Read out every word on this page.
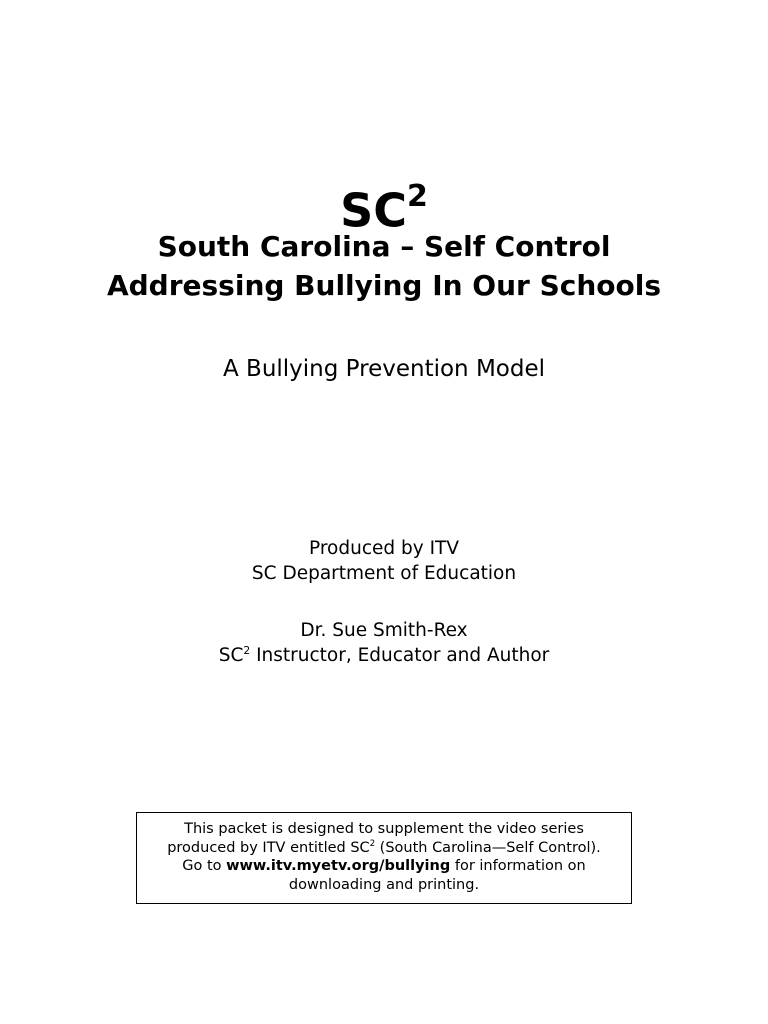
$SC^2$
South Carolina – Self Control
Addressing Bullying In Our Schools
A Bullying Prevention Model
Produced by ITV
SC Department of Education
Dr. Sue Smith-Rex
$SC^2$ Instructor, Educator and Author
This packet is designed to supplement the video series
produced by ITV entitled $SC^2$ (South Carolina—Self Control).
Go to www.itv.myetv.org/bullying for information on
downloading and printing.
